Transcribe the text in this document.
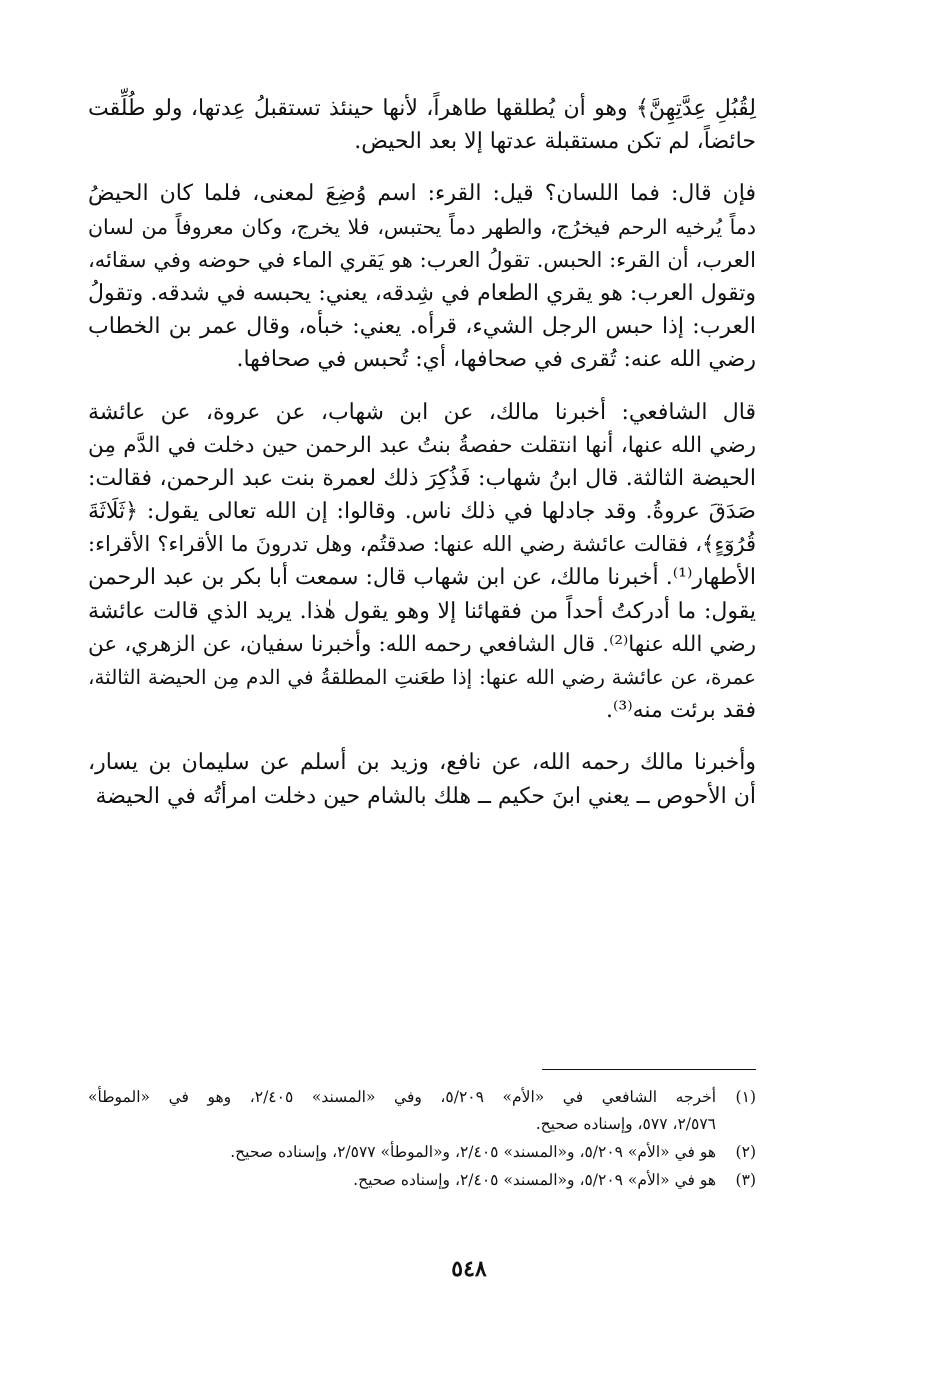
لِقُبُلِ عِدَّتِهِنَّ﴾ وهو أن يُطلقها طاهراً، لأنها حينئذ تستقبلُ عِدتها، ولو طُلِّقت
حائضاً، لم تكن مستقبلة عدتها إلا بعد الحيض.
فإن قال: فما اللسان؟ قيل: القرء: اسم وُضِعَ لمعنى، فلما كان الحيضُ
دماً يُرخيه الرحم فيخرُج، والطهر دماً يحتبس، فلا يخرج، وكان معروفاً من لسان
العرب، أن القرء: الحبس. تقولُ العرب: هو يَقري الماء في حوضه وفي سقائه،
وتقول العرب: هو يقري الطعام في شِدقه، يعني: يحبسه في شدقه. وتقولُ
العرب: إذا حبس الرجل الشيء، قرأه. يعني: خبأه، وقال عمر بن الخطاب
رضي الله عنه: تُقرى في صحافها، أي: تُحبس في صحافها.
قال الشافعي: أخبرنا مالك، عن ابن شهاب، عن عروة، عن عائشة
رضي الله عنها، أنها انتقلت حفصةُ بنتُ عبد الرحمن حين دخلت في الدَّم مِن
الحيضة الثالثة. قال ابنُ شهاب: فَذُكِرَ ذلك لعمرة بنت عبد الرحمن، فقالت:
صَدَقَ عروةُ. وقد جادلها في ذلك ناس. وقالوا: إن الله تعالى يقول: ﴿ثَلَاثَةَ
قُرُوٓءٍ﴾، فقالت عائشة رضي الله عنها: صدقتُم، وهل تدرونَ ما الأقراء؟ الأقراء:
الأطهار⁽¹⁾. أخبرنا مالك، عن ابن شهاب قال: سمعت أبا بكر بن عبد الرحمن
يقول: ما أدركتُ أحداً من فقهائنا إلا وهو يقول هٰذا. يريد الذي قالت عائشة
رضي الله عنها⁽²⁾. قال الشافعي رحمه الله: وأخبرنا سفيان، عن الزهري، عن
عمرة، عن عائشة رضي الله عنها: إذا طعَنتِ المطلقةُ في الدم مِن الحيضة الثالثة،
فقد برئت منه⁽³⁾.
وأخبرنا مالك رحمه الله، عن نافع، وزيد بن أسلم عن سليمان بن يسار،
أن الأحوص ــ يعني ابنَ حكيم ــ هلك بالشام حين دخلت امرأتُه في الحيضة
(١)
أخرجه الشافعي في «الأم» ٥/٢٠٩، وفي «المسند» ٢/٤٠٥، وهو في «الموطأ»
٢/٥٧٦، ٥٧٧، وإسناده صحيح.
(٢)
هو في «الأم» ٥/٢٠٩، و«المسند» ٢/٤٠٥، و«الموطأ» ٢/٥٧٧، وإسناده صحيح.
(٣)
هو في «الأم» ٥/٢٠٩، و«المسند» ٢/٤٠٥، وإسناده صحيح.
٥٤٨
